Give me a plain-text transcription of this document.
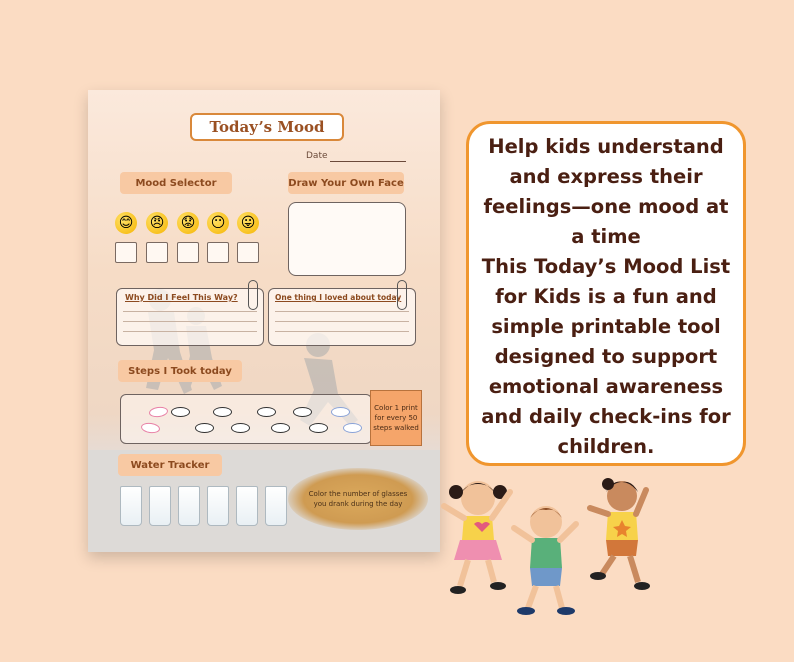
Today’s Mood
Date
Mood Selector	Draw Your Own Face
😊 😠 😟 😶 😛
Why Did I Feel This Way?	One thing I loved about today
Steps I Took today
Color 1 print for every 50 steps walked
Water Tracker
Color the number of glasses you drank during the day

Help kids understand and express their feelings—one mood at a time

This Today’s Mood List for Kids is a fun and simple printable tool designed to support emotional awareness and daily check-ins for children.
